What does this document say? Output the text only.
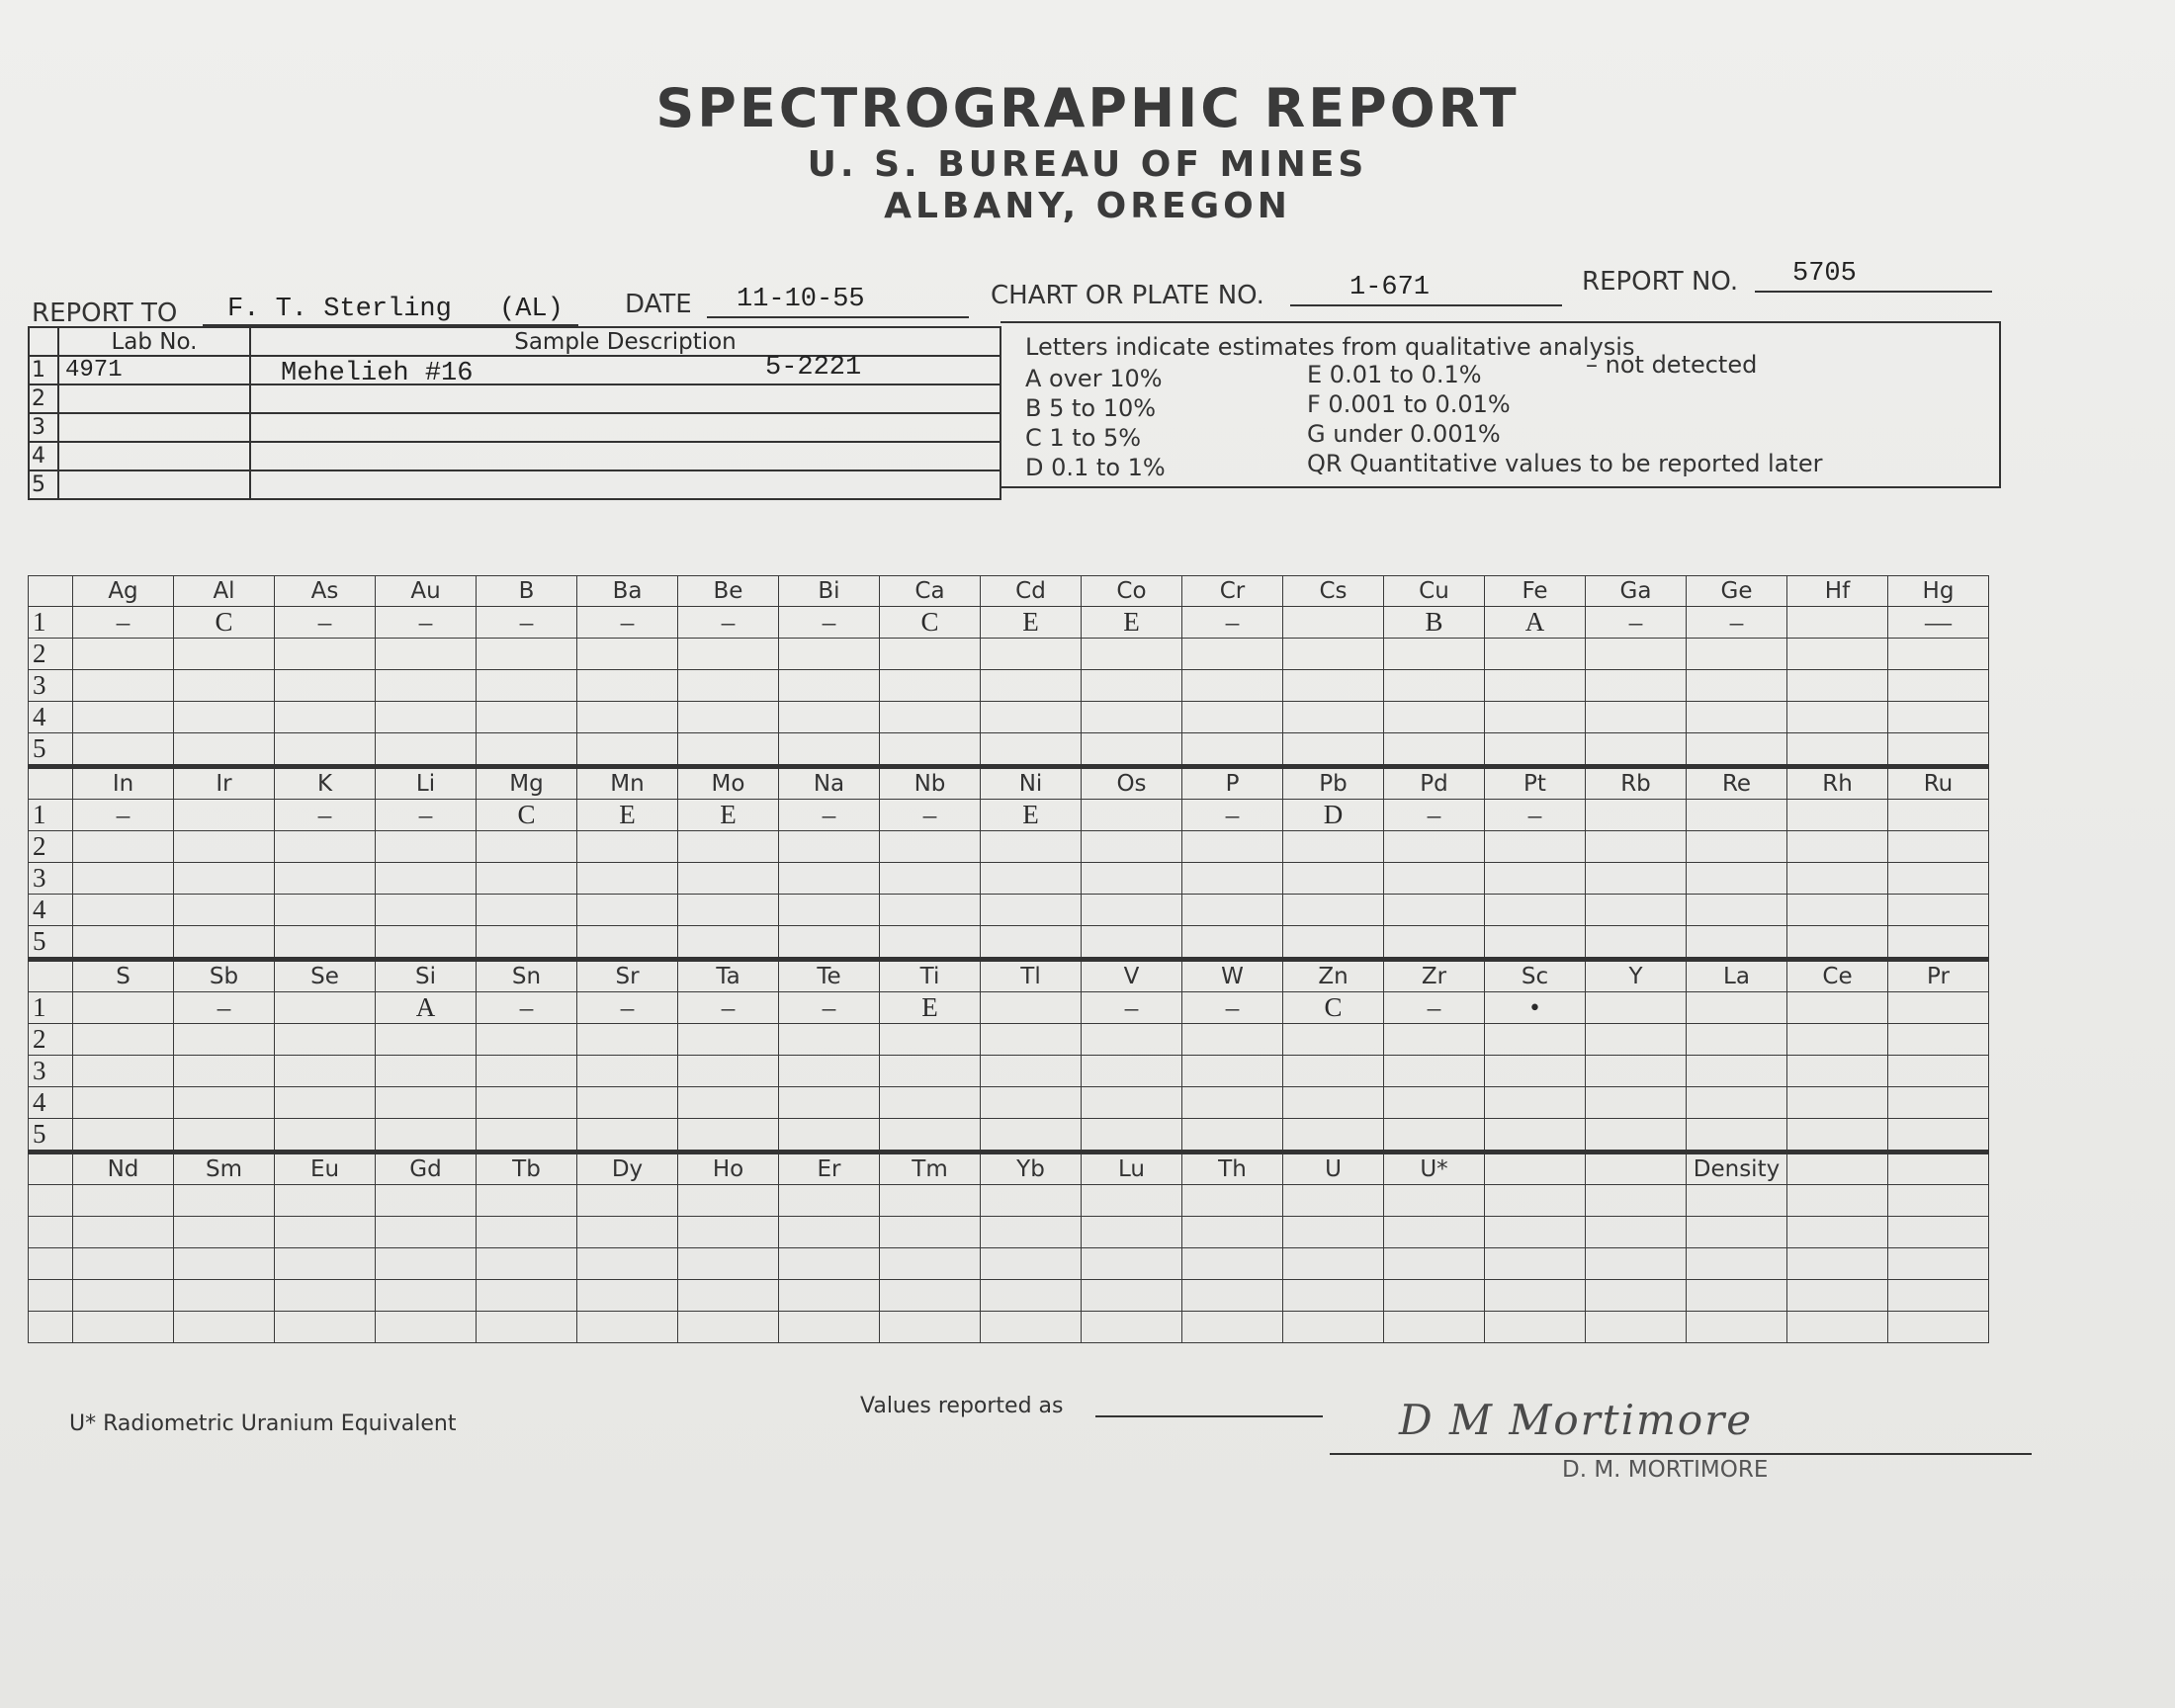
SPECTROGRAPHIC REPORT
U. S. BUREAU OF MINES
ALBANY, OREGON
REPORT TO F. T. Sterling (AL) DATE 11-10-55	CHART OR PLATE NO.	1-671	REPORT NO. 5705
	Lab No.	Sample Description
1	4971	Mehelieh #16 5-2221

2		
3		
4		
5		
Letters indicate estimates from qualitative analysis
A over 10%
B 5 to 10%
C 1 to 5%
D 0.1 to 1%
E 0.01 to 0.1%
F 0.001 to 0.01%
G under 0.001%
QR Quantitative values to be reported later
– not detected
	Ag	Al	As	Au	B	Ba	Be	Bi	Ca	Cd	Co	Cr	Cs	Cu	Fe	Ga	Ge	Hf	Hg
1	–	C	–	–	–	–	–	–	C	E	E	–		B	A	–	–		—
2																			
3																			
4																			
5																			
	In	Ir	K	Li	Mg	Mn	Mo	Na	Nb	Ni	Os	P	Pb	Pd	Pt	Rb	Re	Rh	Ru
1	–		–	–	C	E	E	–	–	E		–	D	–	–				
2																			
3																			
4																			
5																			
	S	Sb	Se	Si	Sn	Sr	Ta	Te	Ti	Tl	V	W	Zn	Zr	Sc	Y	La	Ce	Pr
1		–		A	–	–	–	–	E		–	–	C	–	•				
2																			
3																			
4																			
5																			
	Nd	Sm	Eu	Gd	Tb	Dy	Ho	Er	Tm	Yb	Lu	Th	U	U*			Density		

U* Radiometric Uranium Equivalent
Values reported as	D M Mortimore
D. M. MORTIMORE
